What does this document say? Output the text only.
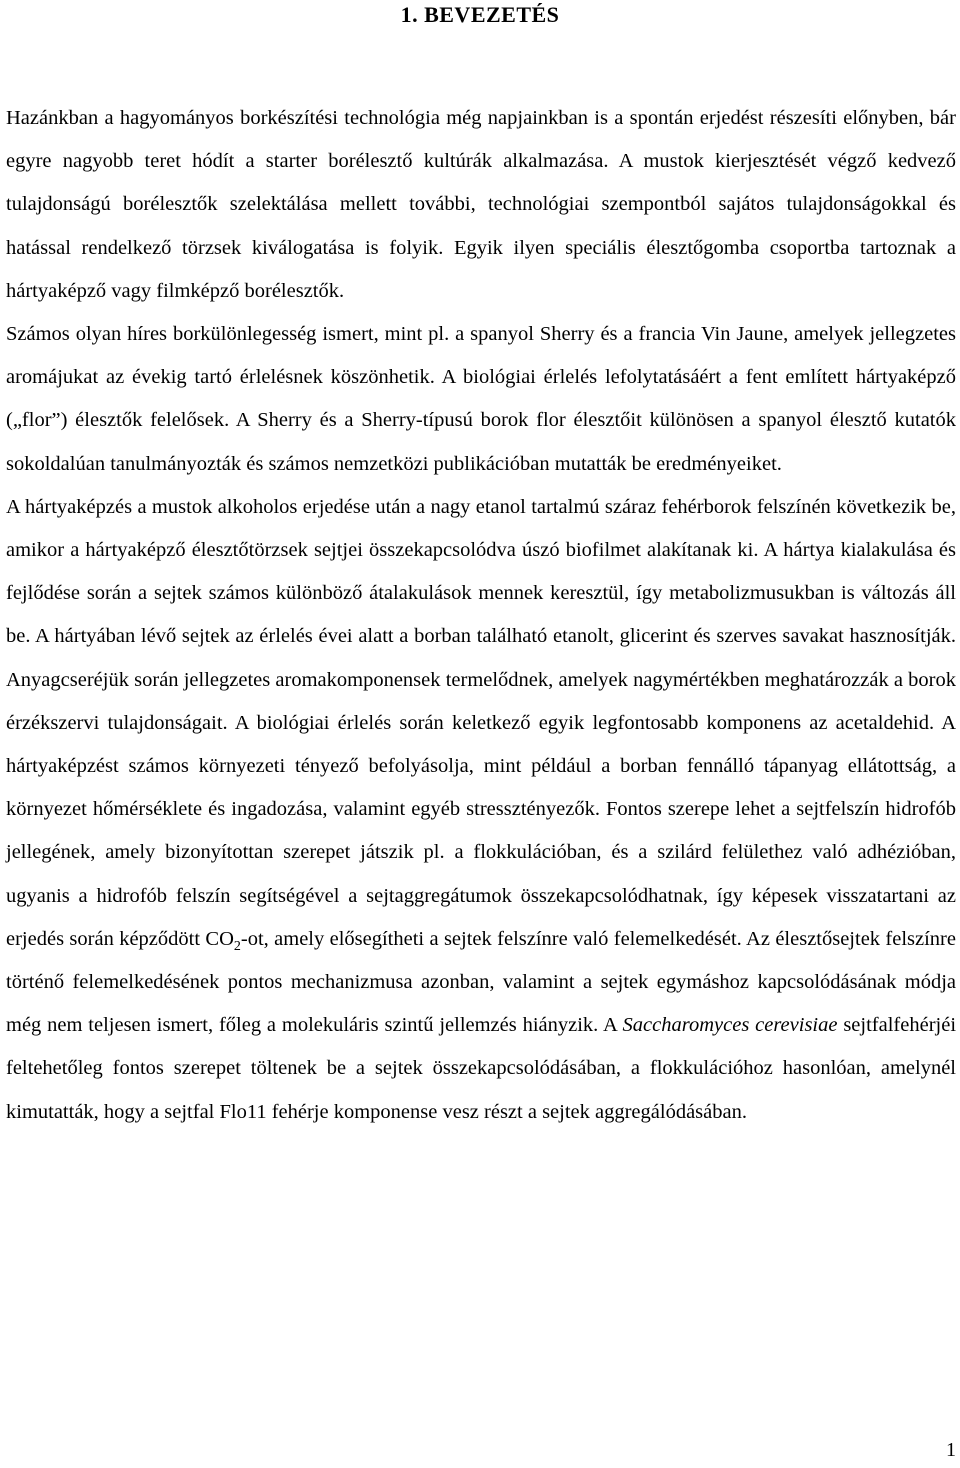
1. BEVEZETÉS

Hazánkban a hagyományos borkészítési technológia még napjainkban is a spontán erjedést részesíti előnyben, bár egyre nagyobb teret hódít a starter borélesztő kultúrák alkalmazása. A mustok kierjesztését végző kedvező tulajdonságú borélesztők szelektálása mellett további, technológiai szempontból sajátos tulajdonságokkal és hatással rendelkező törzsek kiválogatása is folyik. Egyik ilyen speciális élesztőgomba csoportba tartoznak a hártyaképző vagy filmképző borélesztők.

Számos olyan híres borkülönlegesség ismert, mint pl. a spanyol Sherry és a francia Vin Jaune, amelyek jellegzetes aromájukat az évekig tartó érlelésnek köszönhetik. A biológiai érlelés lefolytatásáért a fent említett hártyaképző („flor”) élesztők felelősek. A Sherry és a Sherry-típusú borok flor élesztőit különösen a spanyol élesztő kutatók sokoldalúan tanulmányozták és számos nemzetközi publikációban mutatták be eredményeiket.

A hártyaképzés a mustok alkoholos erjedése után a nagy etanol tartalmú száraz fehérborok felszínén következik be, amikor a hártyaképző élesztőtörzsek sejtjei összekapcsolódva úszó biofilmet alakítanak ki. A hártya kialakulása és fejlődése során a sejtek számos különböző átalakulások mennek keresztül, így metabolizmusukban is változás áll be. A hártyában lévő sejtek az érlelés évei alatt a borban található etanolt, glicerint és szerves savakat hasznosítják. Anyagcseréjük során jellegzetes aromakomponensek termelődnek, amelyek nagymértékben meghatározzák a borok érzékszervi tulajdonságait. A biológiai érlelés során keletkező egyik legfontosabb komponens az acetaldehid. A hártyaképzést számos környezeti tényező befolyásolja, mint például a borban fennálló tápanyag ellátottság, a környezet hőmérséklete és ingadozása, valamint egyéb stressztényezők. Fontos szerepe lehet a sejtfelszín hidrofób jellegének, amely bizonyítottan szerepet játszik pl. a flokkulációban, és a szilárd felülethez való adhézióban, ugyanis a hidrofób felszín segítségével a sejtaggregátumok összekapcsolódhatnak, így képesek visszatartani az erjedés során képződött $CO_2-ot$, amely elősegítheti a sejtek felszínre való felemelkedését. Az élesztősejtek felszínre történő felemelkedésének pontos mechanizmusa azonban, valamint a sejtek egymáshoz kapcsolódásának módja még nem teljesen ismert, főleg a molekuláris szintű jellemzés hiányzik. A Saccharomyces cerevisiae sejtfalfehérjéi feltehetőleg fontos szerepet töltenek be a sejtek összekapcsolódásában, a flokkulációhoz hasonlóan, amelynél kimutatták, hogy a sejtfal Flo11 fehérje komponense vesz részt a sejtek aggregálódásában.

1
